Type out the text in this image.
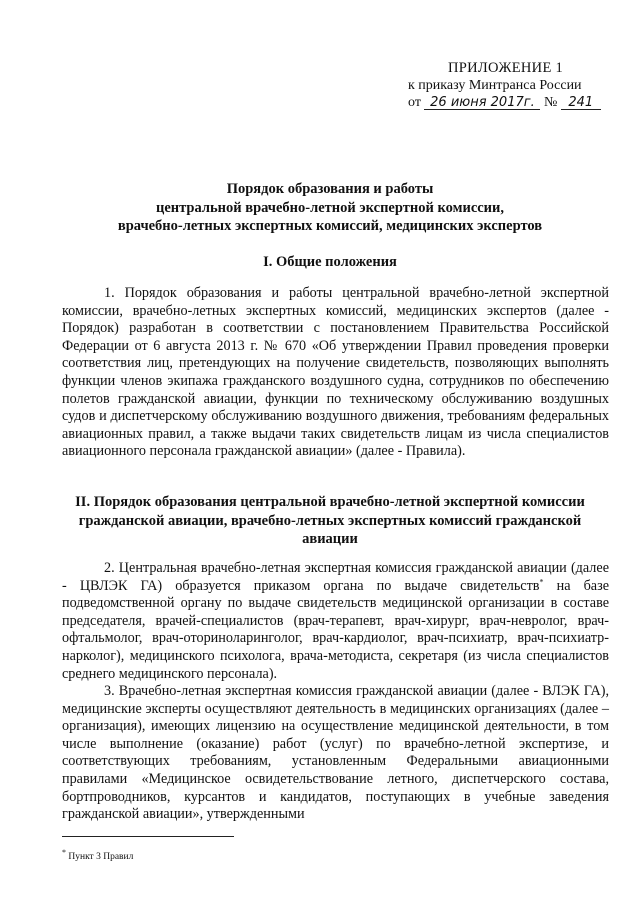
ПРИЛОЖЕНИЕ 1
к приказу Минтранса России
от 26 июня 2017г. № 241
Порядок образования и работы
центральной врачебно-летной экспертной комиссии,
врачебно-летных экспертных комиссий, медицинских экспертов
I. Общие положения

1. Порядок образования и работы центральной врачебно-летной экспертной комиссии, врачебно-летных экспертных комиссий, медицинских экспертов (далее - Порядок) разработан в соответствии с постановлением Правительства Российской Федерации от 6 августа 2013 г. № 670 «Об утверждении Правил проведения проверки соответствия лиц, претендующих на получение свидетельств, позволяющих выполнять функции членов экипажа гражданского воздушного судна, сотрудников по обеспечению полетов гражданской авиации, функции по техническому обслуживанию воздушных судов и диспетчерскому обслуживанию воздушного движения, требованиям федеральных авиационных правил, а также выдачи таких свидетельств лицам из числа специалистов авиационного персонала гражданской авиации» (далее - Правила).

II. Порядок образования центральной врачебно-летной экспертной комиссии
гражданской авиации, врачебно-летных экспертных комиссий гражданской
авиации

2. Центральная врачебно-летная экспертная комиссия гражданской авиации (далее - ЦВЛЭК ГА) образуется приказом органа по выдаче свидетельств* на базе подведомственной органу по выдаче свидетельств медицинской организации в составе председателя, врачей-специалистов (врач-терапевт, врач-хирург, врач-невролог, врач-офтальмолог, врач-оториноларинголог, врач-кардиолог, врач-психиатр, врач-психиатр-нарколог), медицинского психолога, врача-методиста, секретаря (из числа специалистов среднего медицинского персонала).

3. Врачебно-летная экспертная комиссия гражданской авиации (далее - ВЛЭК ГА), медицинские эксперты осуществляют деятельность в медицинских организациях (далее – организация), имеющих лицензию на осуществление медицинской деятельности, в том числе выполнение (оказание) работ (услуг) по врачебно-летной экспертизе, и соответствующих требованиям, установленным Федеральными авиационными правилами «Медицинское освидетельствование летного, диспетчерского состава, бортпроводников, курсантов и кандидатов, поступающих в учебные заведения гражданской авиации», утвержденными

* Пункт 3 Правил
